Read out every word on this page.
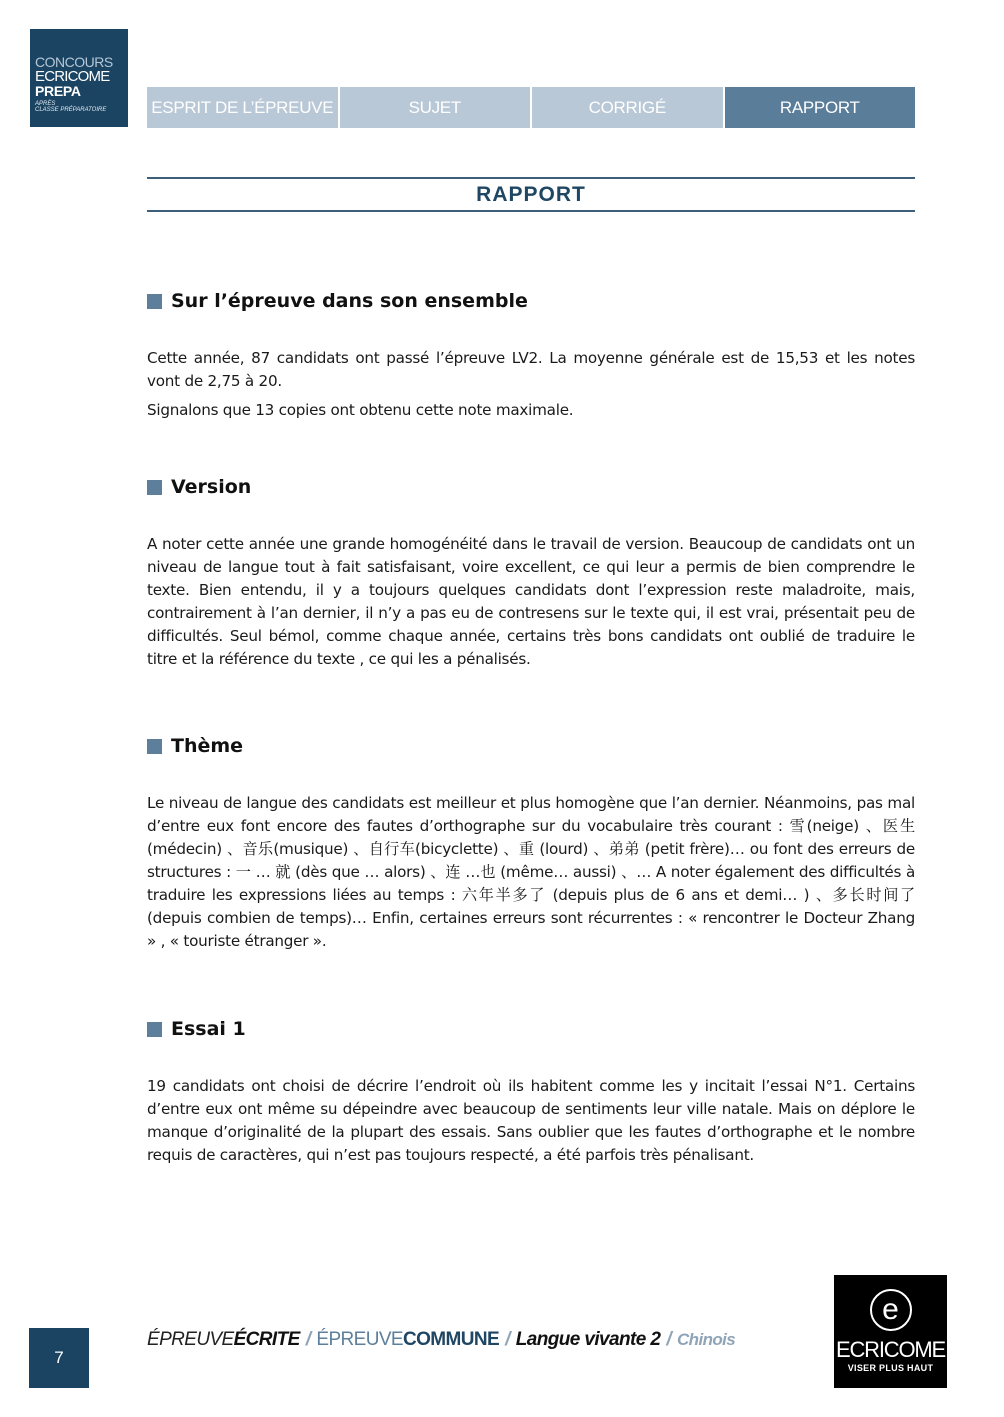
CONCOURS
ECRICOME
PREPA
APRÈS
CLASSE PRÉPARATOIRE	ESPRIT DE L’ÉPREUVE	SUJET	CORRIGÉ	RAPPORT
RAPPORT
Sur l’épreuve dans son ensemble

Cette année, 87 candidats ont passé l’épreuve LV2. La moyenne générale est de 15,53 et les notes vont de 2,75 à 20.

Signalons que 13 copies ont obtenu cette note maximale.

Version

A noter cette année une grande homogénéité dans le travail de version. Beaucoup de candidats ont un niveau de langue tout à fait satisfaisant, voire excellent, ce qui leur a permis de bien comprendre le texte. Bien entendu, il y a toujours quelques candidats dont l’expression reste maladroite, mais, contrairement à l’an dernier, il n’y a pas eu de contresens sur le texte qui, il est vrai, présentait peu de difficultés. Seul bémol, comme chaque année, certains très bons candidats ont oublié de traduire le titre et la référence du texte , ce qui les a pénalisés.

Thème

Le niveau de langue des candidats est meilleur et plus homogène que l’an dernier. Néanmoins, pas mal d’entre eux font encore des fautes d’orthographe sur du vocabulaire très courant : 雪(neige) 、医生(médecin) 、音乐(musique) 、自行车(bicyclette) 、重 (lourd) 、弟弟 (petit frère)… ou font des erreurs de structures : 一 … 就 (dès que … alors) 、连 …也 (même… aussi) 、… A noter également des difficultés à traduire les expressions liées au temps : 六年半多了 (depuis plus de 6 ans et demi… ) 、多长时间了 (depuis combien de temps)… Enfin, certaines erreurs sont récurrentes : « rencontrer le Docteur Zhang » , « touriste étranger ».

Essai 1

19 candidats ont choisi de décrire l’endroit où ils habitent comme les y incitait l’essai N°1. Certains d’entre eux ont même su dépeindre avec beaucoup de sentiments leur ville natale. Mais on déplore le manque d’originalité de la plupart des essais. Sans oublier que les fautes d’orthographe et le nombre requis de caractères, qui n’est pas toujours respecté, a été parfois très pénalisant.

7
ÉPREUVE ÉCRITE / ÉPREUVE COMMUNE / Langue vivante 2 / Chinois
e
ECRICOME
VISER PLUS HAUT
